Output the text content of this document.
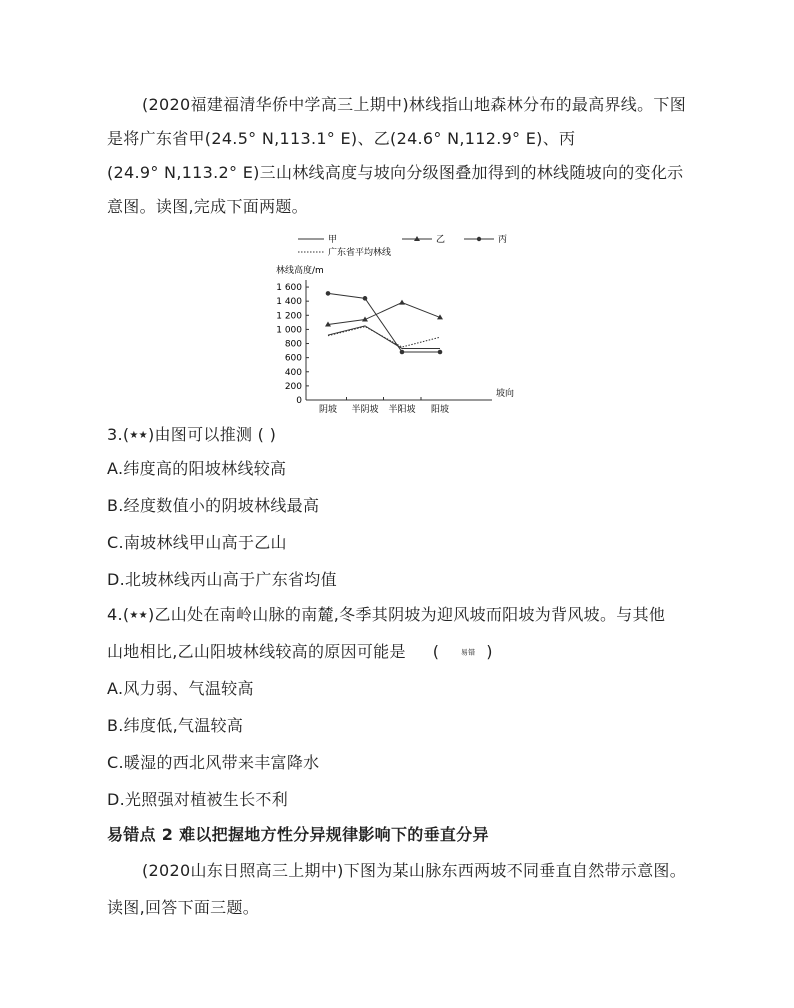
(2020福建福清华侨中学高三上期中)林线指山地森林分布的最高界线。下图
是将广东省甲(24.5° N,113.1° E)、乙(24.6° N,112.9° E)、丙
(24.9° N,113.2° E)三山林线高度与坡向分级图叠加得到的林线随坡向的变化示
意图。读图,完成下面两题。
甲	乙	丙
广东省平均林线
林线高度/m
坡向
0
200
400
600
800
1 000
1 200
1 400
1 600
阴坡 半阴坡 半阳坡 阳坡
3.(★★)由图可以推测 ( )
A.纬度高的阳坡林线较高
B.经度数值小的阴坡林线最高
C.南坡林线甲山高于乙山
D.北坡林线丙山高于广东省均值
4.(★★)乙山处在南岭山脉的南麓,冬季其阴坡为迎风坡而阳坡为背风坡。与其他
山地相比,乙山阳坡林线较高的原因可能是 (	易错 )
A.风力弱、气温较高
B.纬度低,气温较高
C.暖湿的西北风带来丰富降水
D.光照强对植被生长不利
易错点 2 难以把握地方性分异规律影响下的垂直分异
(2020山东日照高三上期中)下图为某山脉东西两坡不同垂直自然带示意图。
读图,回答下面三题。
